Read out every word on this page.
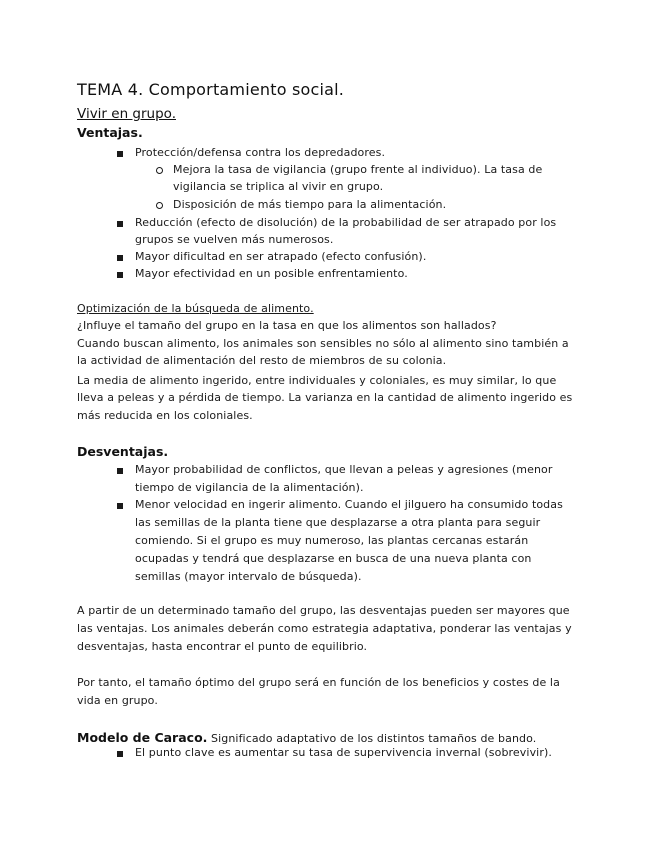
TEMA 4. Comportamiento social.
Vivir en grupo.
Ventajas.
Protección/defensa contra los depredadores.
Mejora la tasa de vigilancia (grupo frente al individuo). La tasa de
vigilancia se triplica al vivir en grupo.
Disposición de más tiempo para la alimentación.
Reducción (efecto de disolución) de la probabilidad de ser atrapado por los
grupos se vuelven más numerosos.
Mayor dificultad en ser atrapado (efecto confusión).
Mayor efectividad en un posible enfrentamiento.
Optimización de la búsqueda de alimento.
¿Influye el tamaño del grupo en la tasa en que los alimentos son hallados?
Cuando buscan alimento, los animales son sensibles no sólo al alimento sino también a
la actividad de alimentación del resto de miembros de su colonia.
La media de alimento ingerido, entre individuales y coloniales, es muy similar, lo que
lleva a peleas y a pérdida de tiempo. La varianza en la cantidad de alimento ingerido es
más reducida en los coloniales.
Desventajas.
Mayor probabilidad de conflictos, que llevan a peleas y agresiones (menor
tiempo de vigilancia de la alimentación).
Menor velocidad en ingerir alimento. Cuando el jilguero ha consumido todas
las semillas de la planta tiene que desplazarse a otra planta para seguir
comiendo. Si el grupo es muy numeroso, las plantas cercanas estarán
ocupadas y tendrá que desplazarse en busca de una nueva planta con
semillas (mayor intervalo de búsqueda).
A partir de un determinado tamaño del grupo, las desventajas pueden ser mayores que
las ventajas. Los animales deberán como estrategia adaptativa, ponderar las ventajas y
desventajas, hasta encontrar el punto de equilibrio.
Por tanto, el tamaño óptimo del grupo será en función de los beneficios y costes de la
vida en grupo.
Modelo de Caraco. Significado adaptativo de los distintos tamaños de bando.
El punto clave es aumentar su tasa de supervivencia invernal (sobrevivir).
